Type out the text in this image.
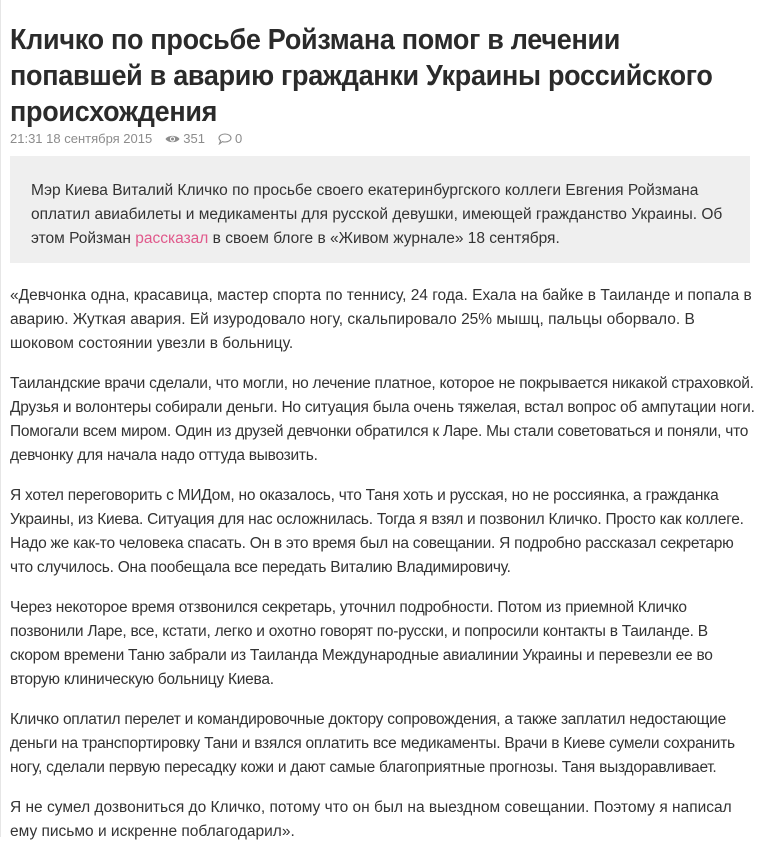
Кличко по просьбе Ройзмана помог в лечении попавшей в аварию гражданки Украины российского происхождения
21:31 18 сентября 2015 351 0
Мэр Киева Виталий Кличко по просьбе своего екатеринбургского коллеги Евгения Ройзмана оплатил авиабилеты и медикаменты для русской девушки, имеющей гражданство Украины. Об этом Ройзман рассказал в своем блоге в «Живом журнале» 18 сентября.

«Девчонка одна, красавица, мастер спорта по теннису, 24 года. Ехала на байке в Таиланде и попала в аварию. Жуткая авария. Ей изуродовало ногу, скальпировало 25% мышц, пальцы оборвало. В шоковом состоянии увезли в больницу.

Таиландские врачи сделали, что могли, но лечение платное, которое не покрывается никакой страховкой. Друзья и волонтеры собирали деньги. Но ситуация была очень тяжелая, встал вопрос об ампутации ноги. Помогали всем миром. Один из друзей девчонки обратился к Ларе. Мы стали советоваться и поняли, что девчонку для начала надо оттуда вывозить.

Я хотел переговорить с МИДом, но оказалось, что Таня хоть и русская, но не россиянка, а гражданка Украины, из Киева. Ситуация для нас осложнилась. Тогда я взял и позвонил Кличко. Просто как коллеге. Надо же как-то человека спасать. Он в это время был на совещании. Я подробно рассказал секретарю что случилось. Она пообещала все передать Виталию Владимировичу.

Через некоторое время отзвонился секретарь, уточнил подробности. Потом из приемной Кличко позвонили Ларе, все, кстати, легко и охотно говорят по-русски, и попросили контакты в Таиланде. В скором времени Таню забрали из Таиланда Международные авиалинии Украины и перевезли ее во вторую клиническую больницу Киева.

Кличко оплатил перелет и командировочные доктору сопровождения, а также заплатил недостающие деньги на транспортировку Тани и взялся оплатить все медикаменты. Врачи в Киеве сумели сохранить ногу, сделали первую пересадку кожи и дают самые благоприятные прогнозы. Таня выздоравливает.

Я не сумел дозвониться до Кличко, потому что он был на выездном совещании. Поэтому я написал ему письмо и искренне поблагодарил».
